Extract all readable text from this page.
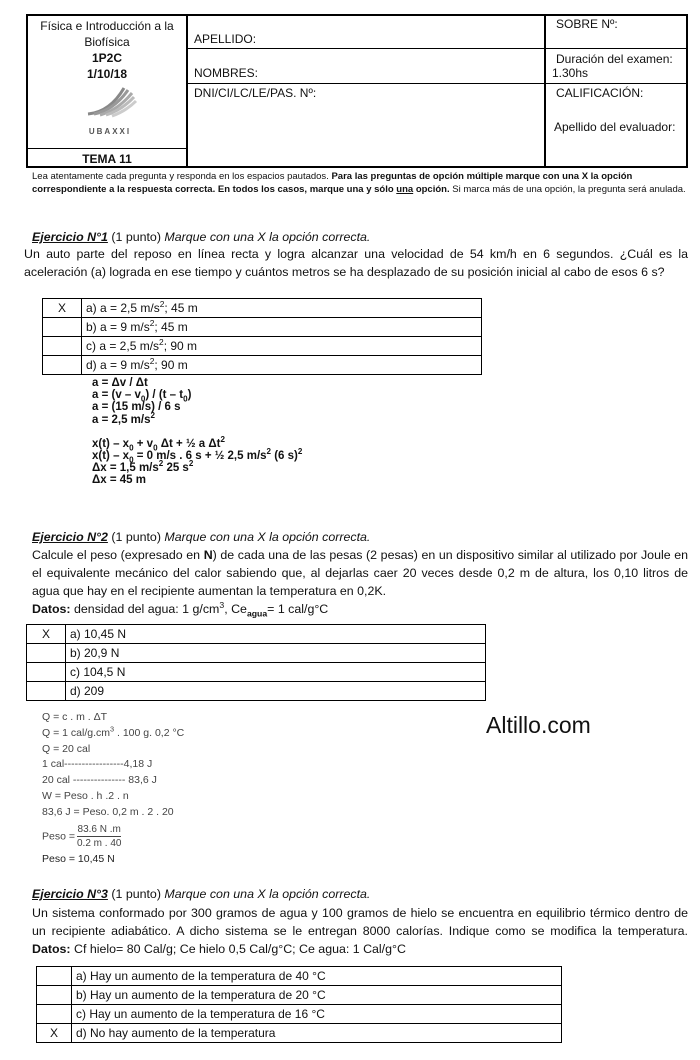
Física e Introducción a la
Biofísica
1P2C
1/10/18
UBAXXI
TEMA 11
APELLIDO:
NOMBRES:
DNI/CI/LC/LE/PAS. Nº:
SOBRE Nº:
Duración del examen:
1.30hs
CALIFICACIÓN:
Apellido del evaluador:
Lea atentamente cada pregunta y responda en los espacios pautados. Para las preguntas de opción múltiple marque con una X la opción correspondiente a la respuesta correcta. En todos los casos, marque una y sólo una opción. Si marca más de una opción, la pregunta será anulada.
Ejercicio N°1 (1 punto) Marque con una X la opción correcta.
Un auto parte del reposo en línea recta y logra alcanzar una velocidad de 54 km/h en 6 segundos. ¿Cuál es la aceleración (a) lograda en ese tiempo y cuántos metros se ha desplazado de su posición inicial al cabo de esos 6 s?
X	a) a = 2,5 $m/s^2$; 45 m
	b) a = 9 $m/s^2$; 45 m
	c) a = 2,5 $m/s^2$; 90 m
	d) a = 9 $m/s^2$; 90 m
a = Δv / Δt
$a = (v - v_0) / (t - t_0)$
a = (15 m/s) / 6 s
a = 2,5 $m/s^2$
$x(t) - x_0 + v_0$ Δt + ½ a $\Delta t^2$
$x(t) - x_0 = 0$ m/s . 6 s + ½ 2,5 $m/s^2$ (6 s)$^2$
Δx = 1,5 $m/s^2$ 25 $s^2$
Δx = 45 m
Ejercicio N°2 (1 punto) Marque con una X la opción correcta.
Calcule el peso (expresado en N) de cada una de las pesas (2 pesas) en un dispositivo similar al utilizado por Joule en el equivalente mecánico del calor sabiendo que, al dejarlas caer 20 veces desde 0,2 m de altura, los 0,10 litros de agua que hay en el recipiente aumentan la temperatura en 0,2K.
Datos: densidad del agua: 1 $g/cm^3$, $Ce_{agua}= 1$ cal/g°C
X	a) 10,45 N
	b) 20,9 N
	c) 104,5 N
	d) 209
Q = c . m . ΔT
Q = 1 cal/$g.cm^3$ . 100 g. 0,2 °C
Q = 20 cal
1 cal-----------------4,18 J
20 cal --------------- 83,6 J
W = Peso . h .2 . n
83,6 J = Peso. 0,2 m . 2 . 20
Peso = $\frac{83.6 N .m}{0.2 m . 40}$
Peso = 10,45 N
Altillo.com
Ejercicio N°3 (1 punto) Marque con una X la opción correcta.
Un sistema conformado por 300 gramos de agua y 100 gramos de hielo se encuentra en equilibrio térmico dentro de un recipiente adiabático. A dicho sistema se le entregan 8000 calorías. Indique como se modifica la temperatura. Datos: Cf hielo= 80 Cal/g; Ce hielo 0,5 Cal/g°C; Ce agua: 1 Cal/g°C
	a) Hay un aumento de la temperatura de 40 °C
	b) Hay un aumento de la temperatura de 20 °C
	c) Hay un aumento de la temperatura de 16 °C
X	d) No hay aumento de la temperatura
